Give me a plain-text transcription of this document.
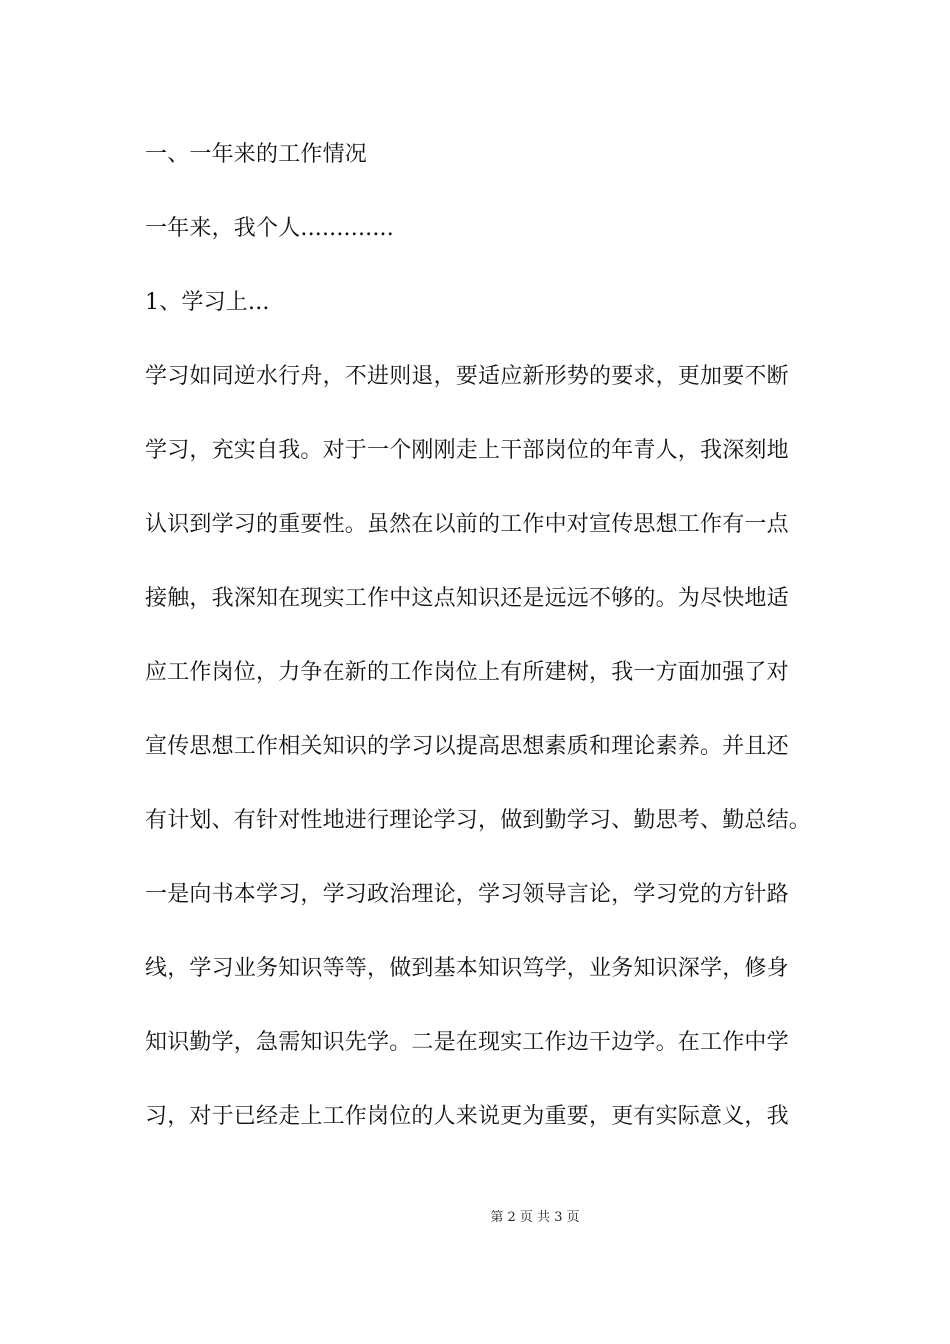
一、一年来的工作情况
一年来，我个人.............
1、学习上...
学习如同逆水行舟，不进则退，要适应新形势的要求，更加要不断
学习，充实自我。对于一个刚刚走上干部岗位的年青人，我深刻地
认识到学习的重要性。虽然在以前的工作中对宣传思想工作有一点
接触，我深知在现实工作中这点知识还是远远不够的。为尽快地适
应工作岗位，力争在新的工作岗位上有所建树，我一方面加强了对
宣传思想工作相关知识的学习以提高思想素质和理论素养。并且还
有计划、有针对性地进行理论学习，做到勤学习、勤思考、勤总结。
一是向书本学习，学习政治理论，学习领导言论，学习党的方针路
线，学习业务知识等等，做到基本知识笃学，业务知识深学，修身
知识勤学，急需知识先学。二是在现实工作边干边学。在工作中学
习，对于已经走上工作岗位的人来说更为重要，更有实际意义，我
第 2 页 共 3 页
